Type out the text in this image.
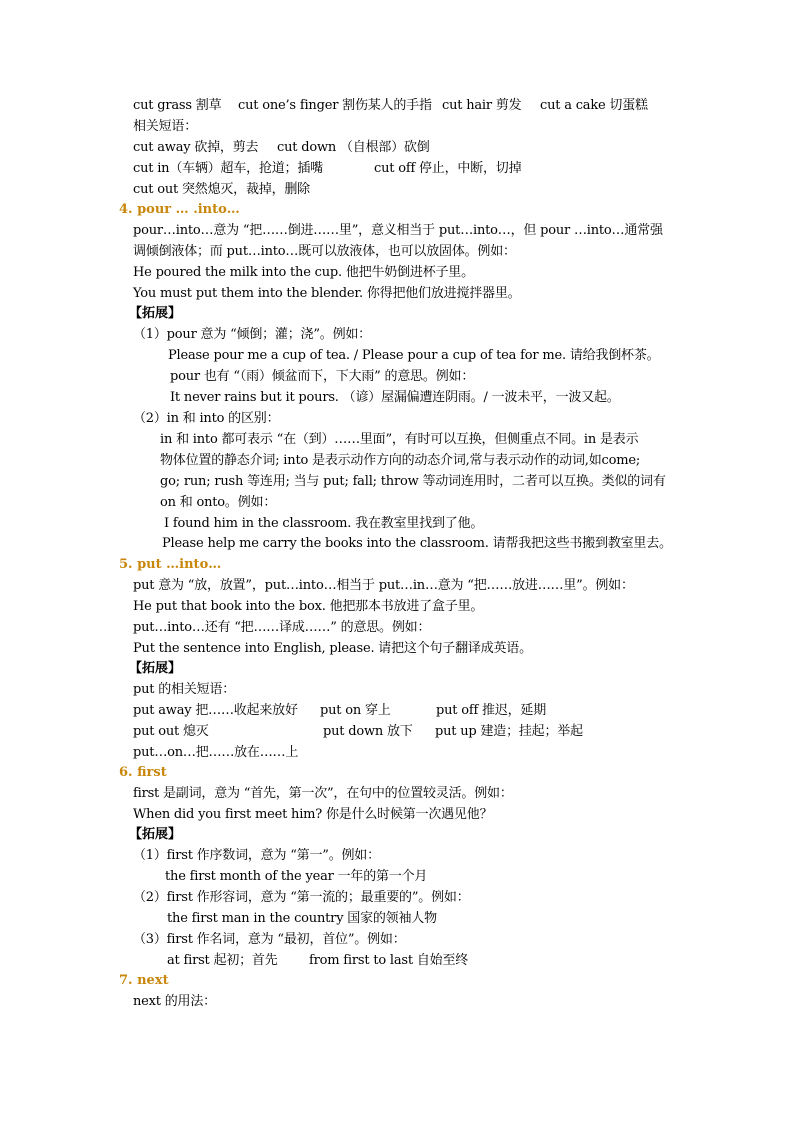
cut grass 割草 cut one’s finger 割伤某人的手指 cut hair 剪发 cut a cake 切蛋糕
相关短语：
cut away 砍掉，剪去 cut down （自根部）砍倒
cut in（车辆）超车，抢道；插嘴	cut off 停止，中断，切掉
cut out 突然熄灭，裁掉，删除
4. pour … .into…
pour…into…意为 “把……倒进……里”，意义相当于 put…into…，但 pour …into…通常强
调倾倒液体；而 put…into…既可以放液体，也可以放固体。例如：
He poured the milk into the cup. 他把牛奶倒进杯子里。
You must put them into the blender. 你得把他们放进搅拌器里。
【拓展】
（1）pour 意为 “倾倒；灌；浇”。例如：
Please pour me a cup of tea. / Please pour a cup of tea for me. 请给我倒杯茶。
pour 也有 “（雨）倾盆而下，下大雨” 的意思。例如：
It never rains but it pours. （谚）屋漏偏遭连阴雨。/ 一波未平，一波又起。
（2）in 和 into 的区别：
in 和 into 都可表示 “在（到）……里面”，有时可以互换，但侧重点不同。in 是表示
物体位置的静态介词; into 是表示动作方向的动态介词,常与表示动作的动词,如come;
go; run; rush 等连用; 当与 put; fall; throw 等动词连用时，二者可以互换。类似的词有
on 和 onto。例如：
I found him in the classroom. 我在教室里找到了他。
Please help me carry the books into the classroom. 请帮我把这些书搬到教室里去。
5. put …into…
put 意为 “放，放置”，put…into…相当于 put…in…意为 “把……放进……里”。例如：
He put that book into the box. 他把那本书放进了盒子里。
put…into…还有 “把……译成……” 的意思。例如：
Put the sentence into English, please. 请把这个句子翻译成英语。
【拓展】
put 的相关短语：
put away 把……收起来放好 put on 穿上	put off 推迟，延期
put out 熄灭	put down 放下 put up 建造；挂起；举起
put…on…把……放在……上
6. first
first 是副词，意为 “首先，第一次”，在句中的位置较灵活。例如：
When did you first meet him? 你是什么时候第一次遇见他？
【拓展】
（1）first 作序数词，意为 “第一”。例如：
the first month of the year 一年的第一个月
（2）first 作形容词，意为 “第一流的；最重要的”。例如：
the first man in the country 国家的领袖人物
（3）first 作名词，意为 “最初，首位”。例如：
at first 起初；首先 from first to last 自始至终
7. next
next 的用法：
